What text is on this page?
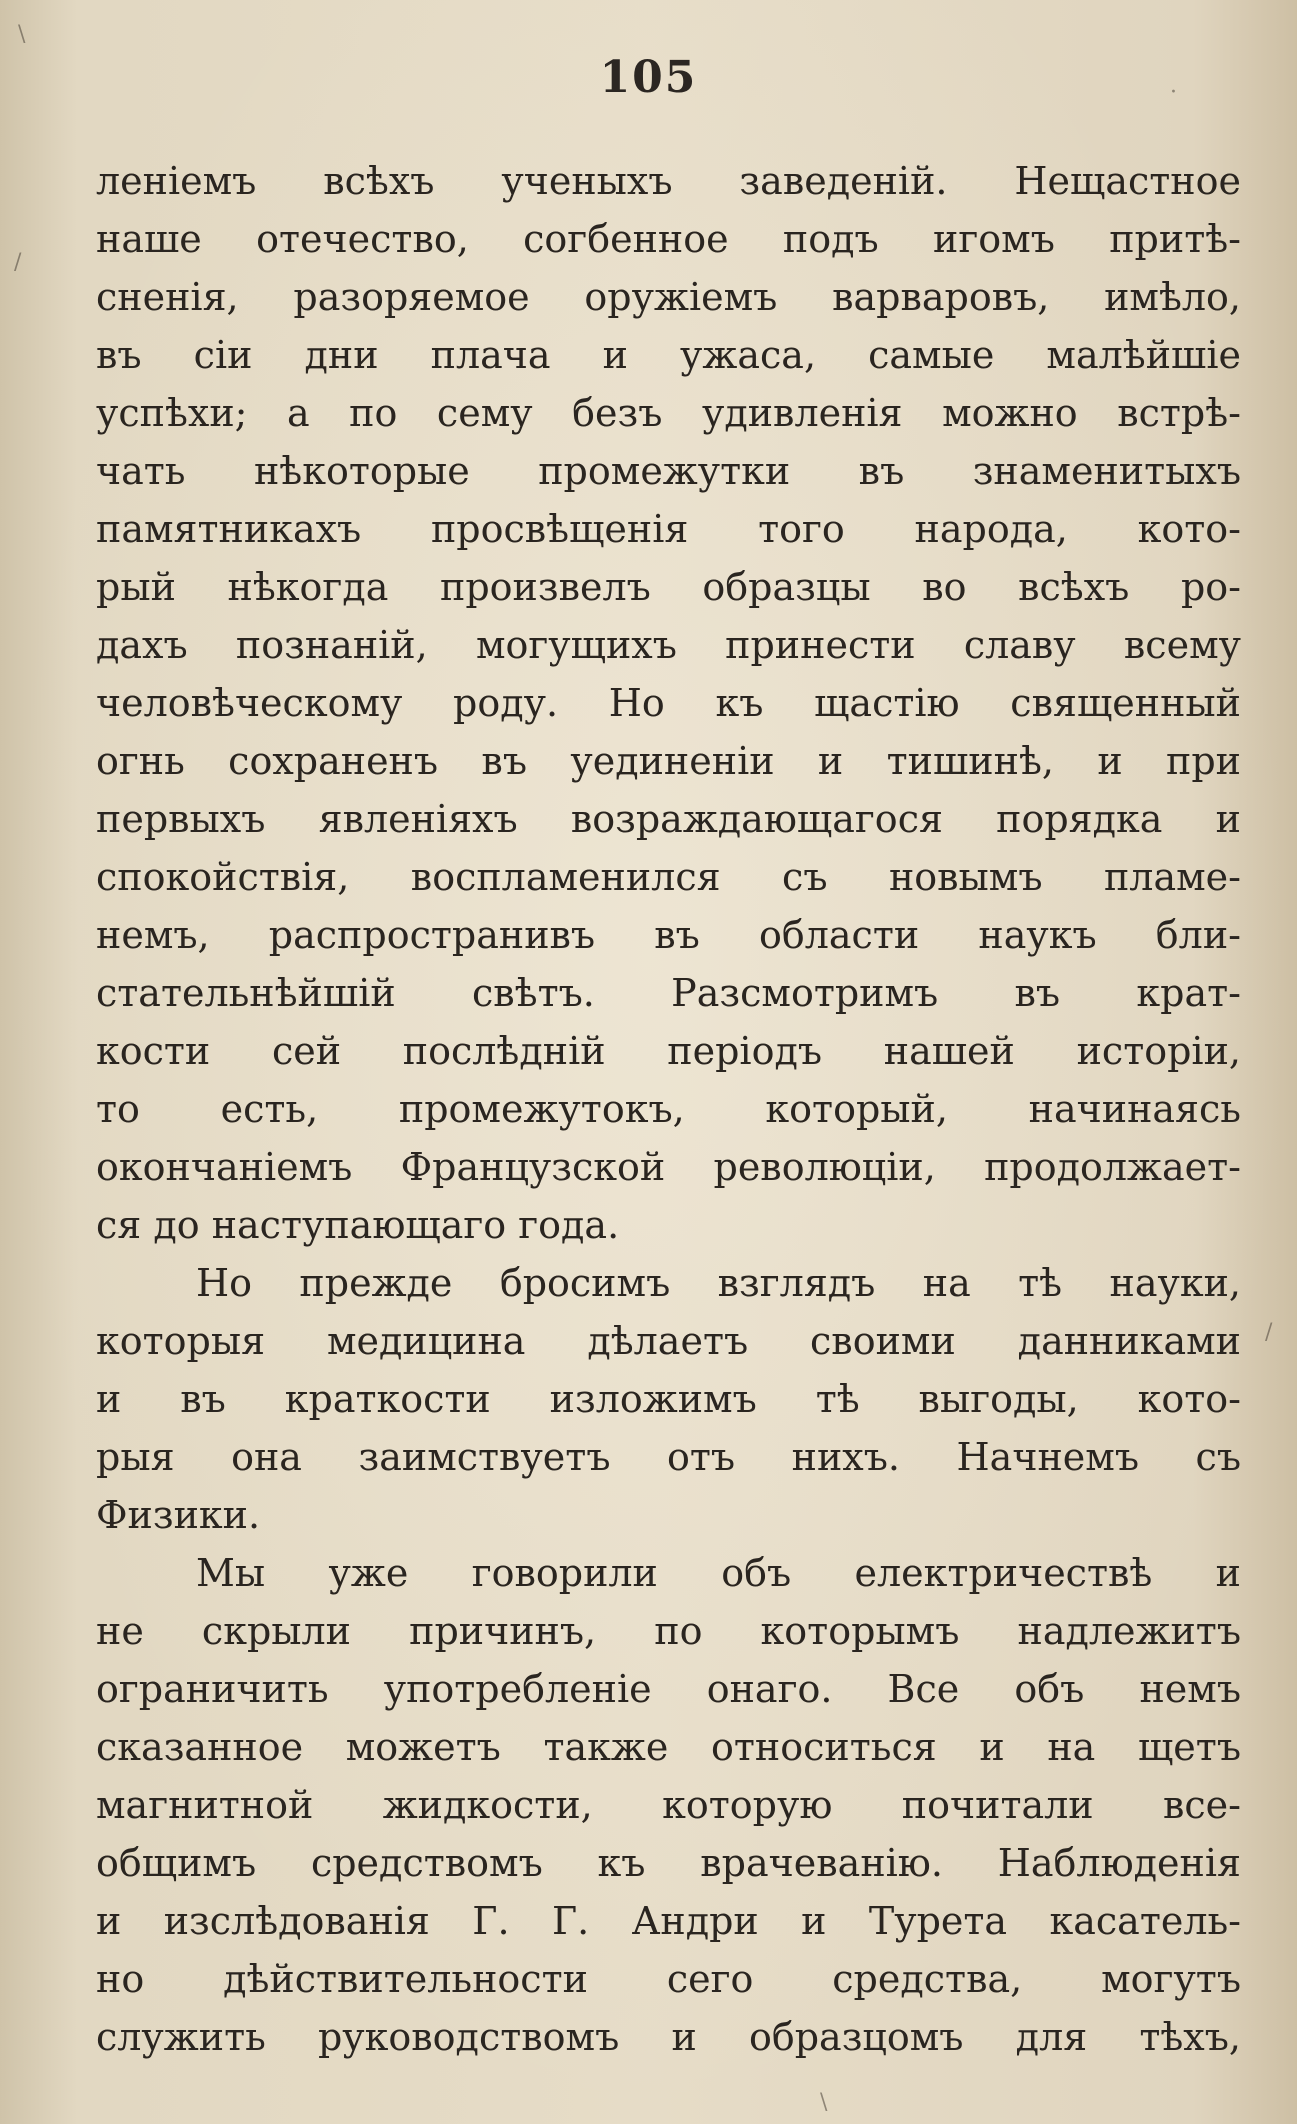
\
·
/
/
\
105
леніемъ всѣхъ ученыхъ заведеній. Нещастное
наше отечество, согбенное подъ игомъ притѣ-
сненія, разоряемое оружіемъ варваровъ, имѣло,
въ сіи дни плача и ужаса, самые малѣйшіе
успѣхи; а по сему безъ удивленія можно встрѣ-
чать нѣкоторые промежутки въ знаменитыхъ
памятникахъ просвѣщенія того народа, кото-
рый нѣкогда произвелъ образцы во всѣхъ ро-
дахъ познаній, могущихъ принести славу всему
человѣческому роду. Но къ щастію священный
огнь сохраненъ въ уединеніи и тишинѣ, и при
первыхъ явленіяхъ возраждающагося порядка и
спокойствія, воспламенился съ новымъ пламе-
немъ, распространивъ въ области наукъ бли-
стательнѣйшій свѣтъ. Разсмотримъ въ крат-
кости сей послѣдній періодъ нашей исторіи,
то есть, промежутокъ, который, начинаясь
окончаніемъ Французской революціи, продолжает-
ся до наступающаго года.
Но прежде бросимъ взглядъ на тѣ науки,
которыя медицина дѣлаетъ своими данниками
и въ краткости изложимъ тѣ выгоды, кото-
рыя она заимствуетъ отъ нихъ. Начнемъ съ
Физики.
Мы уже говорили объ електричествѣ и
не скрыли причинъ, по которымъ надлежитъ
ограничить употребленіе онаго. Все объ немъ
сказанное можетъ также относиться и на щетъ
магнитной жидкости, которую почитали все-
общимъ средствомъ къ врачеванію. Наблюденія
и изслѣдованія Г. Г. Андри и Турета касатель-
но дѣйствительности сего средства, могутъ
служить руководствомъ и образцомъ для тѣхъ,
